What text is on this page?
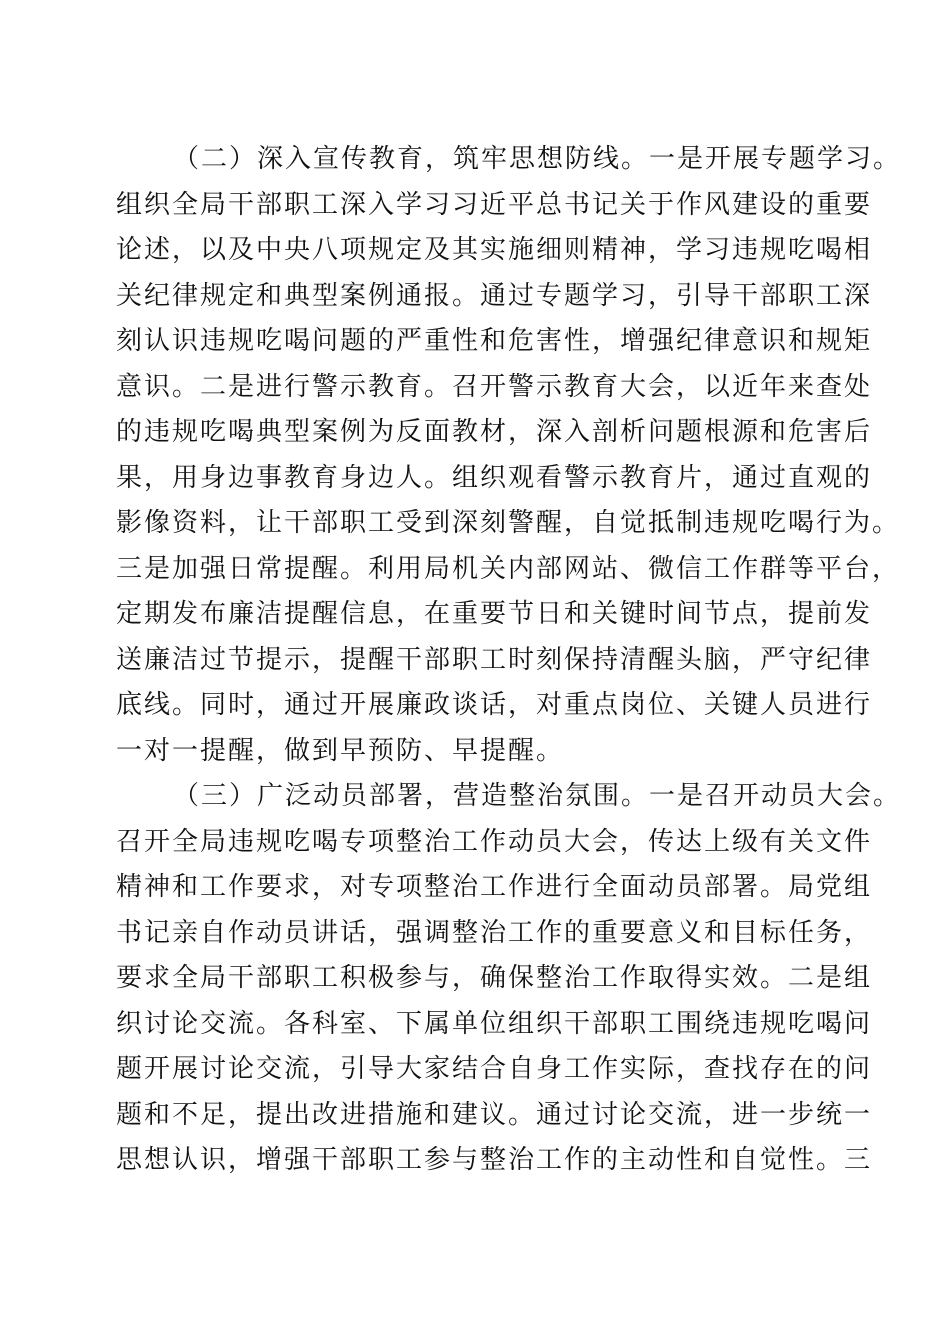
（二）深入宣传教育，筑牢思想防线。一是开展专题学习。
组织全局干部职工深入学习习近平总书记关于作风建设的重要
论述，以及中央八项规定及其实施细则精神，学习违规吃喝相
关纪律规定和典型案例通报。通过专题学习，引导干部职工深
刻认识违规吃喝问题的严重性和危害性，增强纪律意识和规矩
意识。二是进行警示教育。召开警示教育大会，以近年来查处
的违规吃喝典型案例为反面教材，深入剖析问题根源和危害后
果，用身边事教育身边人。组织观看警示教育片，通过直观的
影像资料，让干部职工受到深刻警醒，自觉抵制违规吃喝行为。
三是加强日常提醒。利用局机关内部网站、微信工作群等平台，
定期发布廉洁提醒信息，在重要节日和关键时间节点，提前发
送廉洁过节提示，提醒干部职工时刻保持清醒头脑，严守纪律
底线。同时，通过开展廉政谈话，对重点岗位、关键人员进行
一对一提醒，做到早预防、早提醒。
（三）广泛动员部署，营造整治氛围。一是召开动员大会。
召开全局违规吃喝专项整治工作动员大会，传达上级有关文件
精神和工作要求，对专项整治工作进行全面动员部署。局党组
书记亲自作动员讲话，强调整治工作的重要意义和目标任务，
要求全局干部职工积极参与，确保整治工作取得实效。二是组
织讨论交流。各科室、下属单位组织干部职工围绕违规吃喝问
题开展讨论交流，引导大家结合自身工作实际，查找存在的问
题和不足，提出改进措施和建议。通过讨论交流，进一步统一
思想认识，增强干部职工参与整治工作的主动性和自觉性。三
